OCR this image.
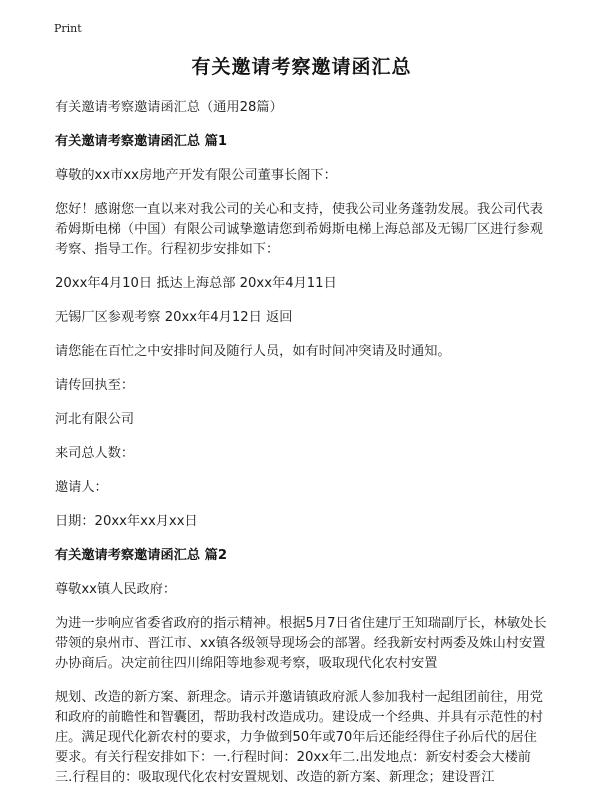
Print
有关邀请考察邀请函汇总
有关邀请考察邀请函汇总（通用28篇）
有关邀请考察邀请函汇总 篇1
尊敬的xx市xx房地产开发有限公司董事长阁下：
您好！感谢您一直以来对我公司的关心和支持，使我公司业务蓬勃发展。我公司代表希姆斯电梯（中国）有限公司诚挚邀请您到希姆斯电梯上海总部及无锡厂区进行参观考察、指导工作。行程初步安排如下：
20xx年4月10日 抵达上海总部 20xx年4月11日
无锡厂区参观考察 20xx年4月12日 返回
请您能在百忙之中安排时间及随行人员，如有时间冲突请及时通知。
请传回执至：
河北有限公司
来司总人数：
邀请人：
日期：20xx年xx月xx日
有关邀请考察邀请函汇总 篇2
尊敬xx镇人民政府：
为进一步响应省委省政府的指示精神。根据5月7日省住建厅王知瑞副厅长，林敏处长带领的泉州市、晋江市、xx镇各级领导现场会的部署。经我新安村两委及姝山村安置办协商后。决定前往四川绵阳等地参观考察，吸取现代化农村安置
规划、改造的新方案、新理念。请示并邀请镇政府派人参加我村一起组团前往，用党和政府的前瞻性和智囊团，帮助我村改造成功。建设成一个经典、并具有示范性的村庄。满足现代化新农村的要求，力争做到50年或70年后还能经得住子孙后代的居住要求。有关行程安排如下：一.行程时间：20xx年二.出发地点：新安村委会大楼前三.行程目的：吸取现代化农村安置规划、改造的新方案、新理念；建设晋江
